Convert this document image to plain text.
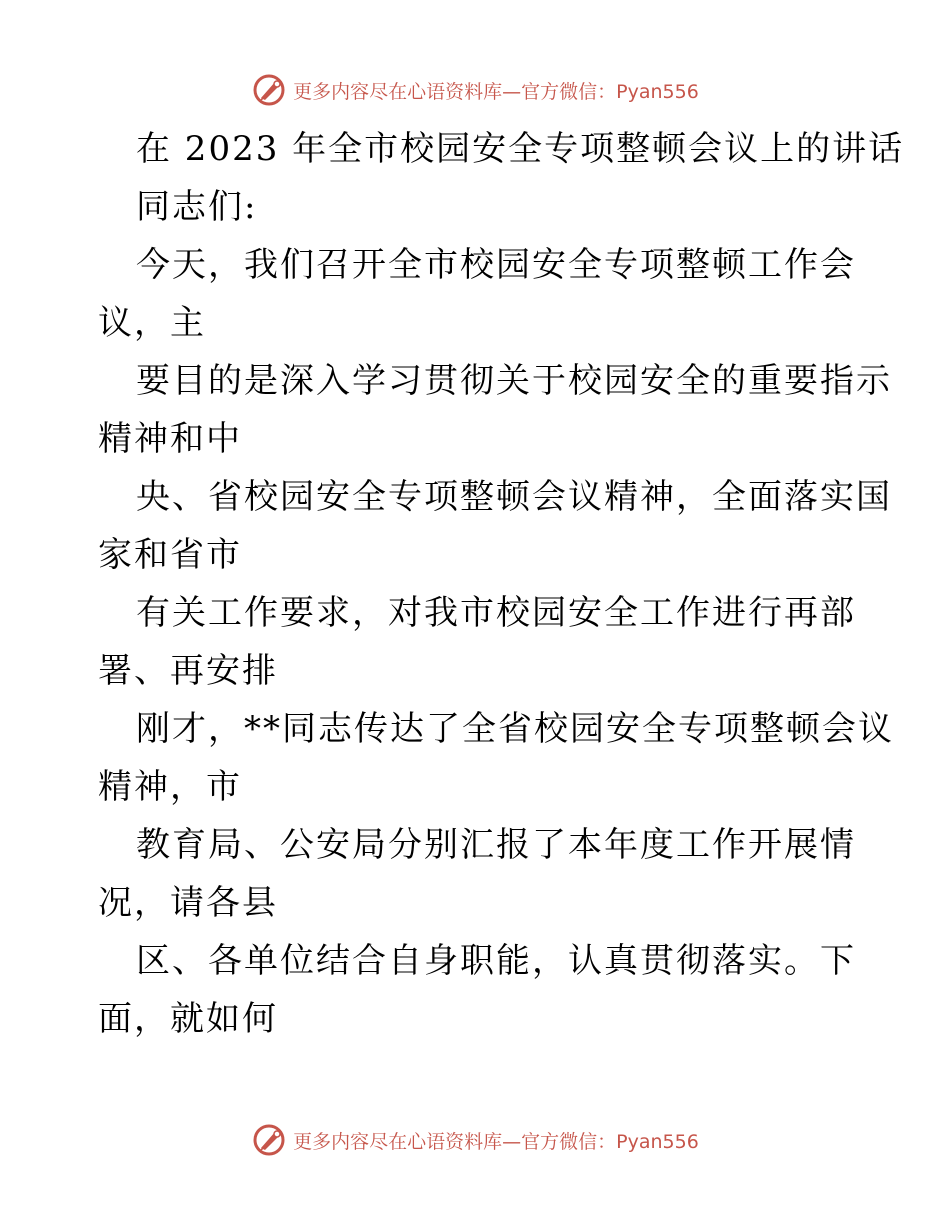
更多内容尽在心语资料库—官方微信：Pyan556
在 2023 年全市校园安全专项整顿会议上的讲话
同志们:
今天，我们召开全市校园安全专项整顿工作会
议，主
要目的是深入学习贯彻关于校园安全的重要指示
精神和中
央、省校园安全专项整顿会议精神，全面落实国
家和省市
有关工作要求，对我市校园安全工作进行再部
署、再安排
刚才，**同志传达了全省校园安全专项整顿会议
精神，市
教育局、公安局分别汇报了本年度工作开展情
况，请各县
区、各单位结合自身职能，认真贯彻落实。下
面，就如何
更多内容尽在心语资料库—官方微信：Pyan556
